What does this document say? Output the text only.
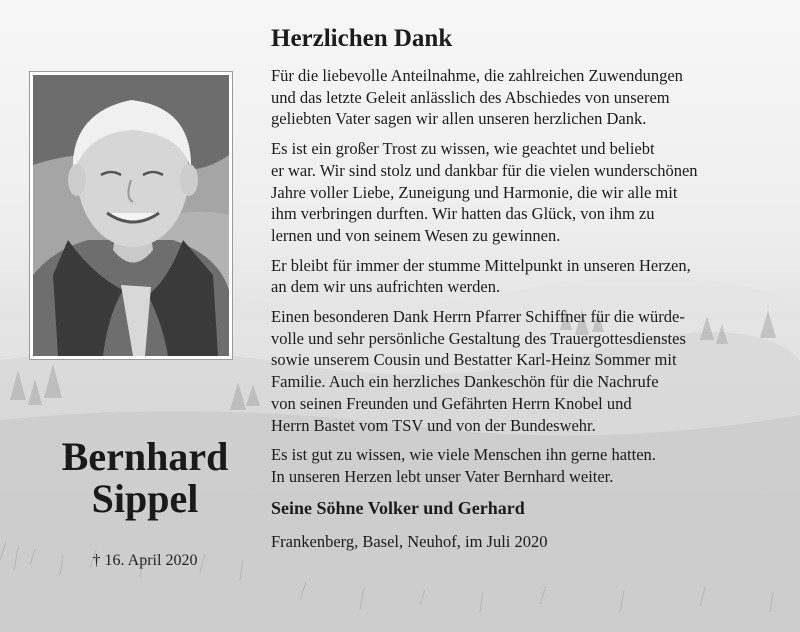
Bernhard
Sippel
† 16. April 2020
Herzlichen Dank
Für die liebevolle Anteilnahme, die zahlreichen Zuwendungen
und das letzte Geleit anlässlich des Abschiedes von unserem
geliebten Vater sagen wir allen unseren herzlichen Dank.
Es ist ein großer Trost zu wissen, wie geachtet und beliebt
er war. Wir sind stolz und dankbar für die vielen wunderschönen
Jahre voller Liebe, Zuneigung und Harmonie, die wir alle mit
ihm verbringen durften. Wir hatten das Glück, von ihm zu
lernen und von seinem Wesen zu gewinnen.
Er bleibt für immer der stumme Mittelpunkt in unseren Herzen,
an dem wir uns aufrichten werden.
Einen besonderen Dank Herrn Pfarrer Schiffner für die würde-
volle und sehr persönliche Gestaltung des Trauergottesdienstes
sowie unserem Cousin und Bestatter Karl-Heinz Sommer mit
Familie. Auch ein herzliches Dankeschön für die Nachrufe
von seinen Freunden und Gefährten Herrn Knobel und
Herrn Bastet vom TSV und von der Bundeswehr.
Es ist gut zu wissen, wie viele Menschen ihn gerne hatten.
In unseren Herzen lebt unser Vater Bernhard weiter.
Seine Söhne Volker und Gerhard
Frankenberg, Basel, Neuhof, im Juli 2020
